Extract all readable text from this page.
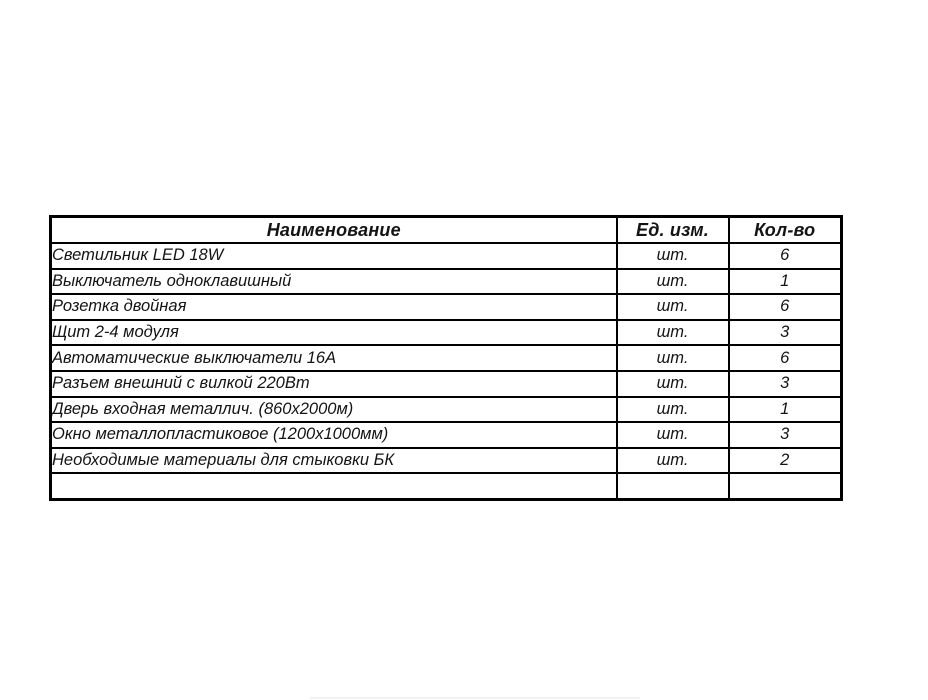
Наименование	Ед. изм.	Кол-во
Светильник LED 18W	шт.	6
Выключатель одноклавишный	шт.	1
Розетка двойная	шт.	6
Щит 2-4 модуля	шт.	3
Автоматические выключатели 16А	шт.	6
Разъем внешний с вилкой 220Вт	шт.	3
Дверь входная металлич. (860х2000м)	шт.	1
Окно металлопластиковое (1200х1000мм)	шт.	3
Необходимые материалы для стыковки БК	шт.	2
